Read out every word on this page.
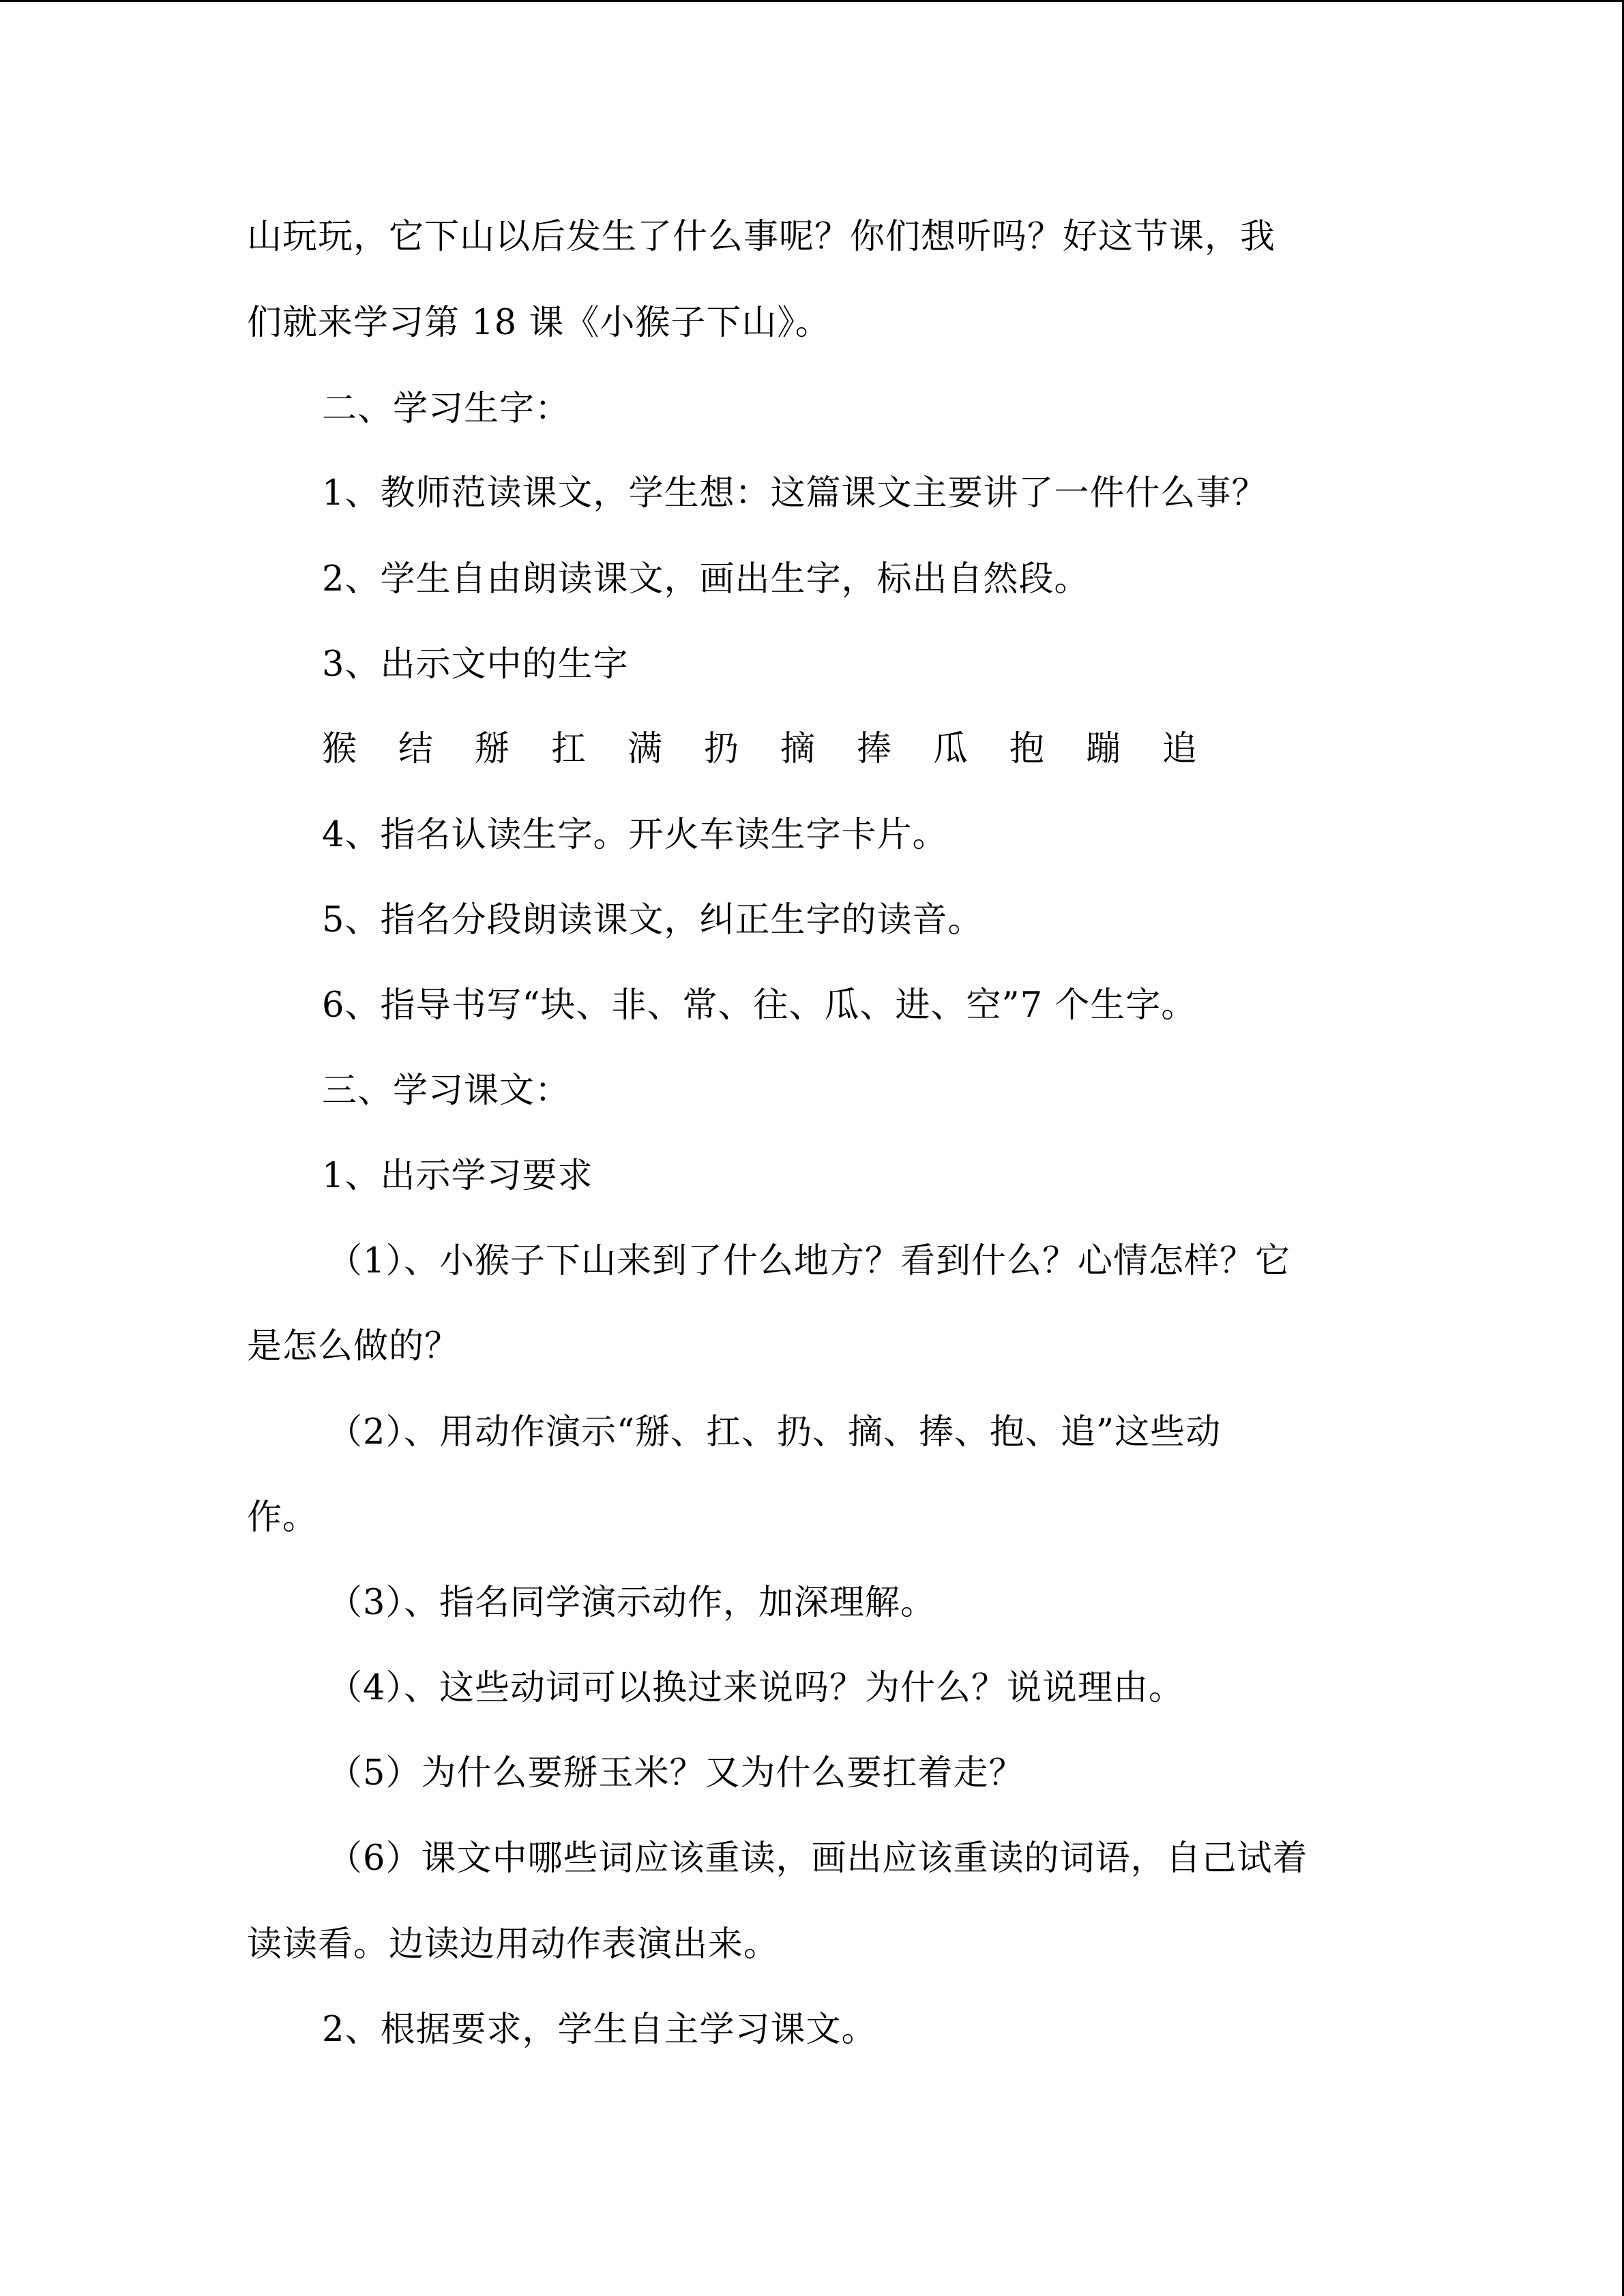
山玩玩，它下山以后发生了什么事呢？你们想听吗？好这节课，我
们就来学习第 18 课《小猴子下山》。
二、学习生字：
1、教师范读课文，学生想：这篇课文主要讲了一件什么事？
2、学生自由朗读课文，画出生字，标出自然段。
3、出示文中的生字
猴 结 掰 扛 满 扔 摘 捧 瓜 抱 蹦 追
4、指名认读生字。开火车读生字卡片。
5、指名分段朗读课文，纠正生字的读音。
6、指导书写“块、非、常、往、瓜、进、空”7 个生字。
三、学习课文：
1、出示学习要求
（1）、小猴子下山来到了什么地方？看到什么？心情怎样？它
是怎么做的？
（2）、用动作演示“掰、扛、扔、摘、捧、抱、追”这些动
作。
（3）、指名同学演示动作，加深理解。
（4）、这些动词可以换过来说吗？为什么？说说理由。
（5）为什么要掰玉米？又为什么要扛着走？
（6）课文中哪些词应该重读，画出应该重读的词语，自己试着
读读看。边读边用动作表演出来。
2、根据要求，学生自主学习课文。
